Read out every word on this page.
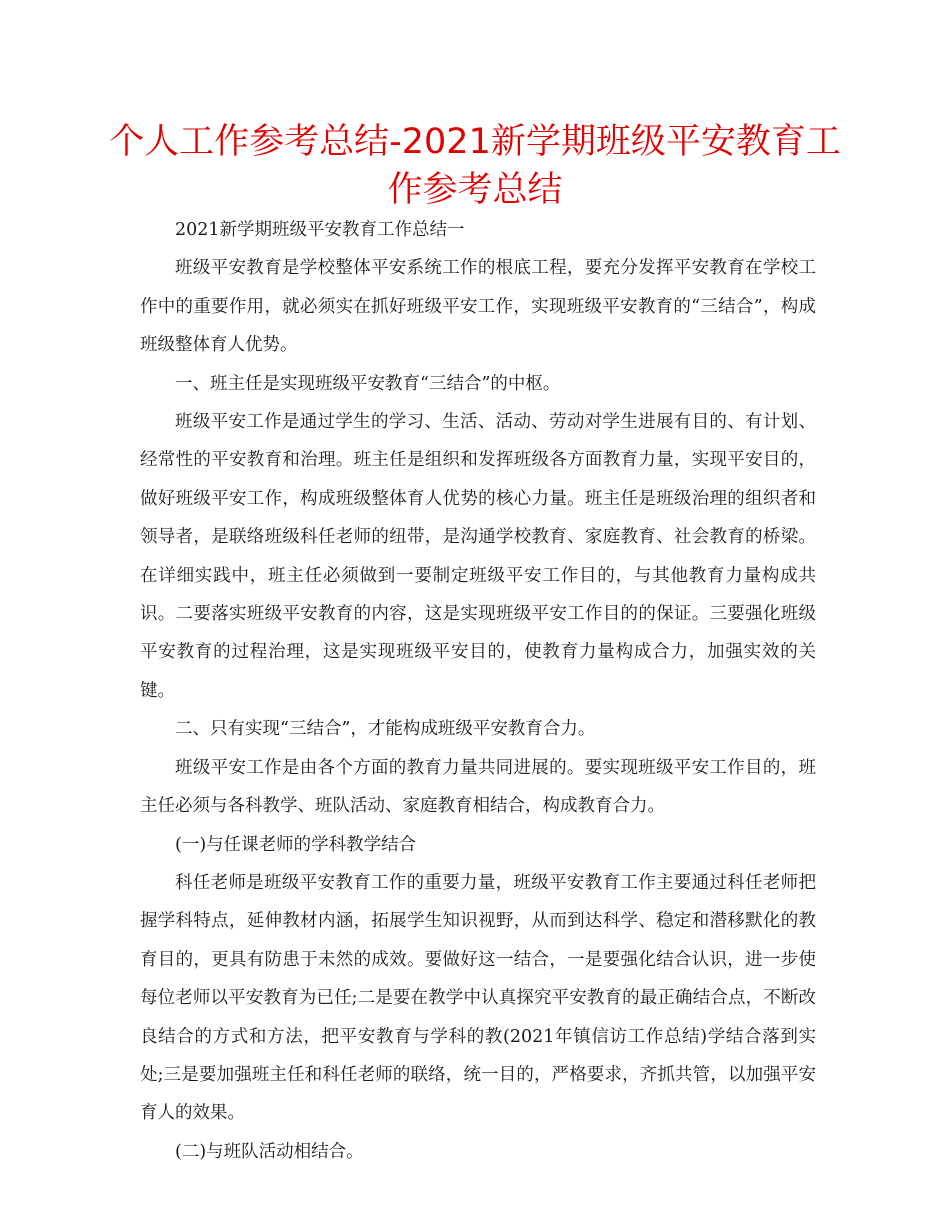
个人工作参考总结-2021新学期班级平安教育工作参考总结

2021新学期班级平安教育工作总结一

班级平安教育是学校整体平安系统工作的根底工程，要充分发挥平安教育在学校工作中的重要作用，就必须实在抓好班级平安工作，实现班级平安教育的“三结合”，构成班级整体育人优势。

一、班主任是实现班级平安教育“三结合”的中枢。

班级平安工作是通过学生的学习、生活、活动、劳动对学生进展有目的、有计划、经常性的平安教育和治理。班主任是组织和发挥班级各方面教育力量，实现平安目的，做好班级平安工作，构成班级整体育人优势的核心力量。班主任是班级治理的组织者和领导者，是联络班级科任老师的纽带，是沟通学校教育、家庭教育、社会教育的桥梁。在详细实践中，班主任必须做到一要制定班级平安工作目的，与其他教育力量构成共识。二要落实班级平安教育的内容，这是实现班级平安工作目的的保证。三要强化班级平安教育的过程治理，这是实现班级平安目的，使教育力量构成合力，加强实效的关键。

二、只有实现“三结合”，才能构成班级平安教育合力。

班级平安工作是由各个方面的教育力量共同进展的。要实现班级平安工作目的，班主任必须与各科教学、班队活动、家庭教育相结合，构成教育合力。

(一)与任课老师的学科教学结合

科任老师是班级平安教育工作的重要力量，班级平安教育工作主要通过科任老师把握学科特点，延伸教材内涵，拓展学生知识视野，从而到达科学、稳定和潜移默化的教育目的，更具有防患于未然的成效。要做好这一结合，一是要强化结合认识，进一步使每位老师以平安教育为已任;二是要在教学中认真探究平安教育的最正确结合点，不断改良结合的方式和方法，把平安教育与学科的教(2021年镇信访工作总结)学结合落到实处;三是要加强班主任和科任老师的联络，统一目的，严格要求，齐抓共管，以加强平安育人的效果。

(二)与班队活动相结合。
